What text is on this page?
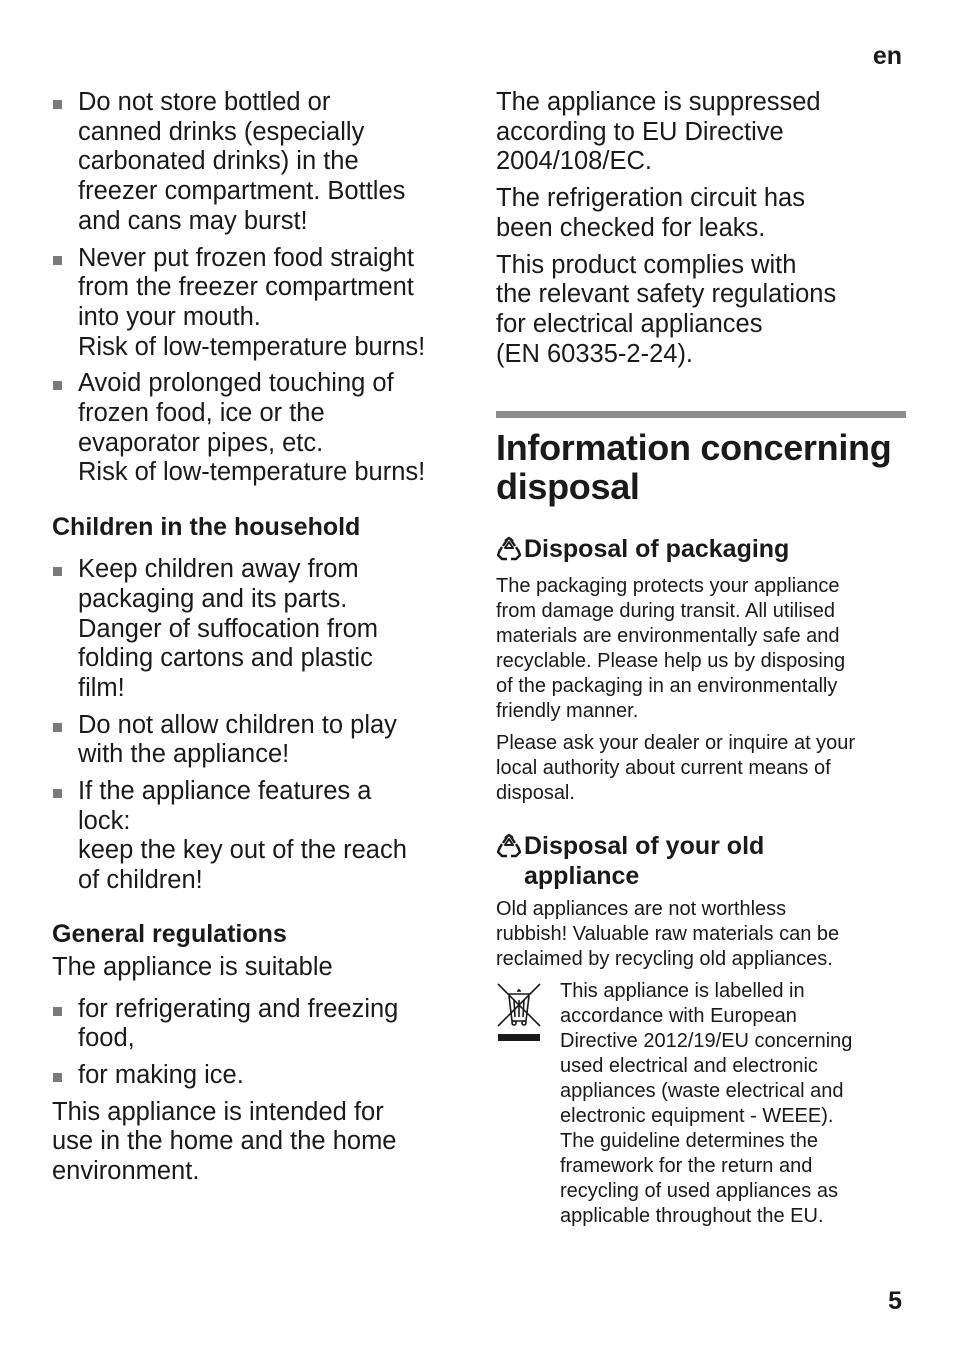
en

Do not store bottled or
canned drinks (especially
carbonated drinks) in the
freezer compartment. Bottles
and cans may burst!

Never put frozen food straight
from the freezer compartment
into your mouth.
Risk of low-temperature burns!

Avoid prolonged touching of
frozen food, ice or the
evaporator pipes, etc.
Risk of low-temperature burns!

Children in the household

Keep children away from
packaging and its parts.
Danger of suffocation from
folding cartons and plastic
film!

Do not allow children to play
with the appliance!

If the appliance features a
lock:
keep the key out of the reach
of children!

General regulations

The appliance is suitable

for refrigerating and freezing
food,

for making ice.

This appliance is intended for
use in the home and the home
environment.

The appliance is suppressed
according to EU Directive
2004/108/EC.

The refrigeration circuit has
been checked for leaks.

This product complies with
the relevant safety regulations
for electrical appliances
(EN 60335-2-24).

Information concerning
disposal
Disposal of packaging

The packaging protects your appliance
from damage during transit. All utilised
materials are environmentally safe and
recyclable. Please help us by disposing
of the packaging in an environmentally
friendly manner.

Please ask your dealer or inquire at your
local authority about current means of
disposal.

Disposal of your old
appliance

Old appliances are not worthless
rubbish! Valuable raw materials can be
reclaimed by recycling old appliances.

This appliance is labelled in
accordance with European
Directive 2012/19/EU concerning
used electrical and electronic
appliances (waste electrical and
electronic equipment - WEEE).
The guideline determines the
framework for the return and
recycling of used appliances as
applicable throughout the EU.

5
